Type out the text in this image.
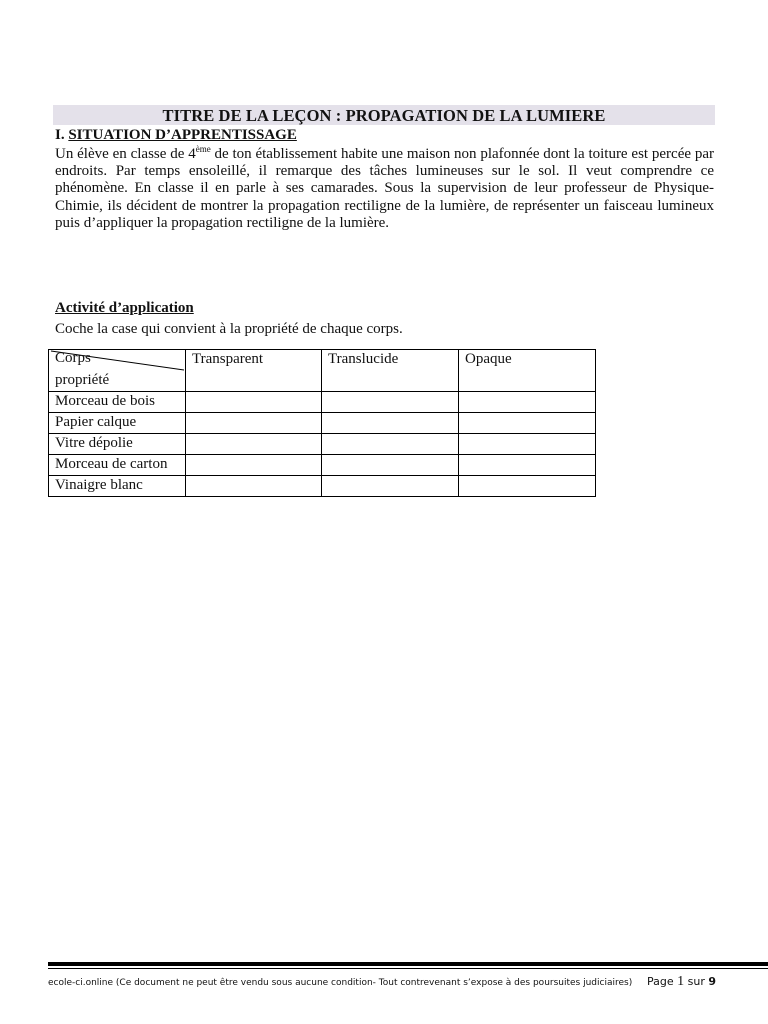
TITRE DE LA LEÇON : PROPAGATION DE LA LUMIERE
I. SITUATION D’APPRENTISSAGE
Un élève en classe de 4ème de ton établissement habite une maison non plafonnée dont la toiture est percée par endroits. Par temps ensoleillé, il remarque des tâches lumineuses sur le sol. Il veut comprendre ce phénomène. En classe il en parle à ses camarades. Sous la supervision de leur professeur de Physique- Chimie, ils décident de montrer la propagation rectiligne de la lumière, de représenter un faisceau lumineux puis d’appliquer la propagation rectiligne de la lumière.
Activité d’application
Coche la case qui convient à la propriété de chaque corps.
Corps
propriété	Transparent	Translucide	Opaque
Morceau de bois			
Papier calque			
Vitre dépolie			
Morceau de carton			
Vinaigre blanc			
ecole-ci.online (Ce document ne peut être vendu sous aucune condition- Tout contrevenant s’expose à des poursuites judiciaires) Page 1 sur 9
